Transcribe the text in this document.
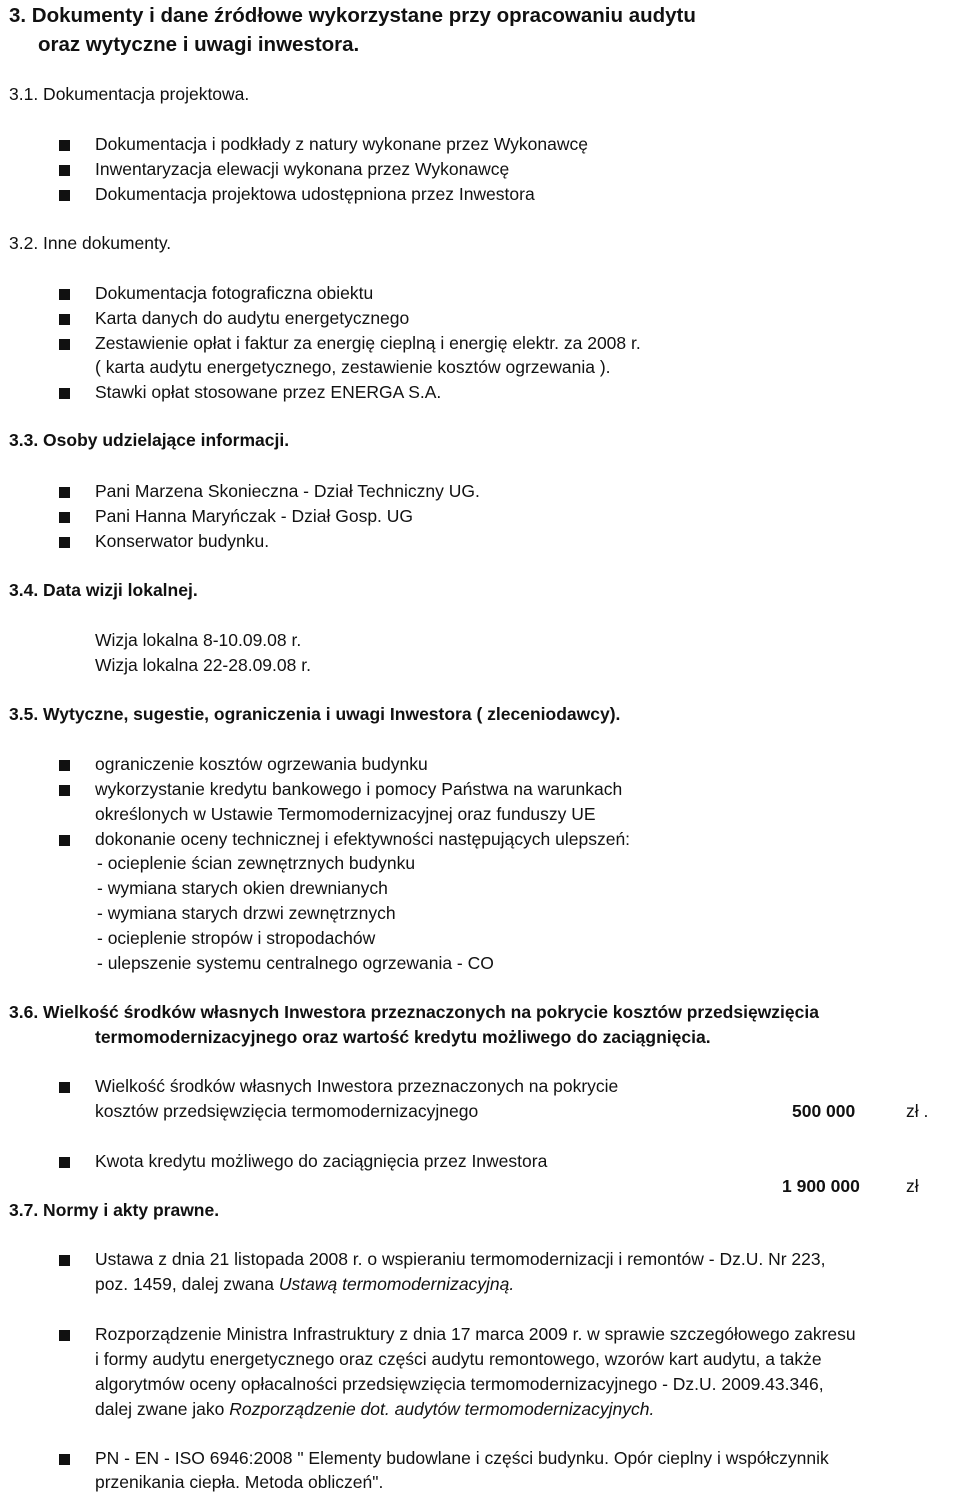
3. Dokumenty i dane źródłowe wykorzystane przy opracowaniu audytu
oraz wytyczne i uwagi inwestora.
3.1. Dokumentacja projektowa.
Dokumentacja i podkłady z natury wykonane przez Wykonawcę
Inwentaryzacja elewacji wykonana przez Wykonawcę
Dokumentacja projektowa udostępniona przez Inwestora
3.2. Inne dokumenty.
Dokumentacja fotograficzna obiektu
Karta danych do audytu energetycznego
Zestawienie opłat i faktur za energię cieplną i energię elektr. za 2008 r.
( karta audytu energetycznego, zestawienie kosztów ogrzewania ).
Stawki opłat stosowane przez ENERGA S.A.
3.3. Osoby udzielające informacji.
Pani Marzena Skonieczna - Dział Techniczny UG.
Pani Hanna Maryńczak - Dział Gosp. UG
Konserwator budynku.
3.4. Data wizji lokalnej.
Wizja lokalna 8-10.09.08 r.
Wizja lokalna 22-28.09.08 r.
3.5. Wytyczne, sugestie, ograniczenia i uwagi Inwestora ( zleceniodawcy).
ograniczenie kosztów ogrzewania budynku
wykorzystanie kredytu bankowego i pomocy Państwa na warunkach
określonych w Ustawie Termomodernizacyjnej oraz funduszy UE
dokonanie oceny technicznej i efektywności następujących ulepszeń:
- ocieplenie ścian zewnętrznych budynku
- wymiana starych okien drewnianych
- wymiana starych drzwi zewnętrznych
- ocieplenie stropów i stropodachów
- ulepszenie systemu centralnego ogrzewania - CO
3.6. Wielkość środków własnych Inwestora przeznaczonych na pokrycie kosztów przedsięwzięcia
termomodernizacyjnego oraz wartość kredytu możliwego do zaciągnięcia.
Wielkość środków własnych Inwestora przeznaczonych na pokrycie
kosztów przedsięwzięcia termomodernizacyjnego	500 000	zł .
Kwota kredytu możliwego do zaciągnięcia przez Inwestora
1 900 000	zł
3.7. Normy i akty prawne.
Ustawa z dnia 21 listopada 2008 r. o wspieraniu termomodernizacji i remontów - Dz.U. Nr 223,
poz. 1459, dalej zwana Ustawą termomodernizacyjną.
Rozporządzenie Ministra Infrastruktury z dnia 17 marca 2009 r. w sprawie szczegółowego zakresu
i formy audytu energetycznego oraz części audytu remontowego, wzorów kart audytu, a także
algorytmów oceny opłacalności przedsięwzięcia termomodernizacyjnego - Dz.U. 2009.43.346,
dalej zwane jako Rozporządzenie dot. audytów termomodernizacyjnych.
PN - EN - ISO 6946:2008 " Elementy budowlane i części budynku. Opór cieplny i współczynnik
przenikania ciepła. Metoda obliczeń".
